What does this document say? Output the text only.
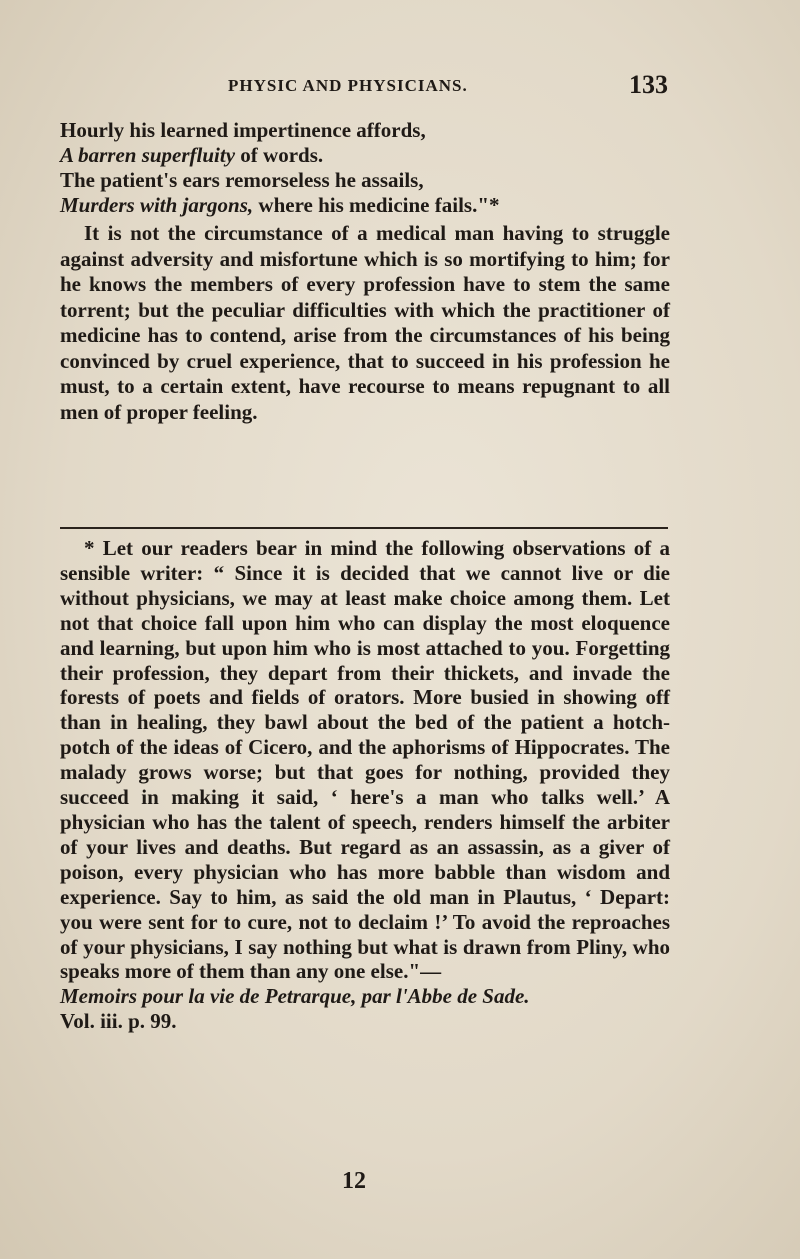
PHYSIC AND PHYSICIANS.	133
Hourly his learned impertinence affords,
A barren superfluity of words.
The patient's ears remorseless he assails,
Murders with jargons, where his medicine fails."*

It is not the circumstance of a medical man having to struggle against adversity and misfortune which is so mortifying to him; for he knows the members of every profession have to stem the same torrent; but the peculiar difficulties with which the practitioner of medicine has to contend, arise from the circumstances of his being convinced by cruel experience, that to succeed in his profession he must, to a certain extent, have recourse to means repugnant to all men of proper feeling.

* Let our readers bear in mind the following observations of a sensible writer: “ Since it is decided that we cannot live or die without physicians, we may at least make choice among them. Let not that choice fall upon him who can display the most eloquence and learning, but upon him who is most attached to you. Forgetting their profession, they depart from their thickets, and invade the forests of poets and fields of orators. More busied in showing off than in healing, they bawl about the bed of the patient a hotch-potch of the ideas of Cicero, and the aphorisms of Hippocrates. The malady grows worse; but that goes for nothing, provided they succeed in making it said, ‘ here's a man who talks well.’ A physician who has the talent of speech, renders himself the arbiter of your lives and deaths. But regard as an assassin, as a giver of poison, every physician who has more babble than wisdom and experience. Say to him, as said the old man in Plautus, ‘ Depart: you were sent for to cure, not to declaim !’ To avoid the reproaches of your physicians, I say nothing but what is drawn from Pliny, who speaks more of them than any one else."—
Memoirs pour la vie de Petrarque, par l'Abbe de Sade.
Vol. iii. p. 99.

12
